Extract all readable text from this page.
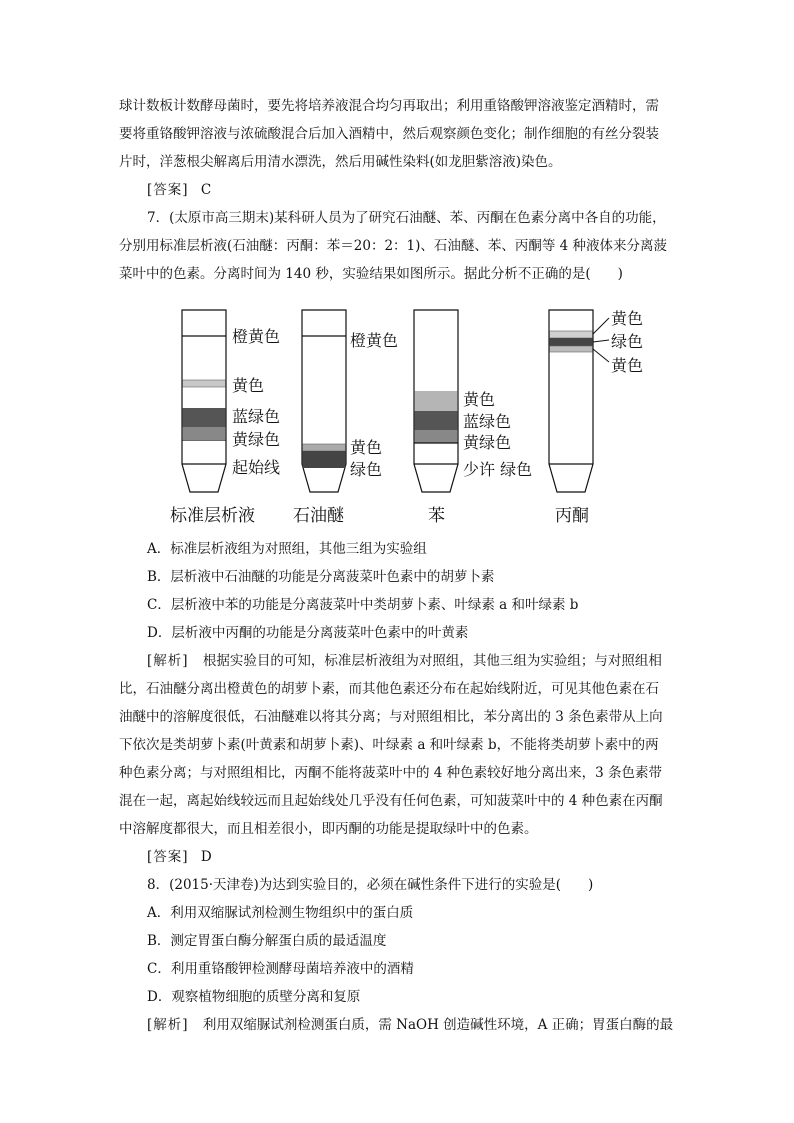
球计数板计数酵母菌时，要先将培养液混合均匀再取出；利用重铬酸钾溶液鉴定酒精时，需
要将重铬酸钾溶液与浓硫酸混合后加入酒精中，然后观察颜色变化；制作细胞的有丝分裂装
片时，洋葱根尖解离后用清水漂洗，然后用碱性染料(如龙胆紫溶液)染色。
[答案] C
7．(太原市高三期末)某科研人员为了研究石油醚、苯、丙酮在色素分离中各自的功能，
分别用标准层析液(石油醚：丙酮：苯＝20：2：1)、石油醚、苯、丙酮等 4 种液体来分离菠
菜叶中的色素。分离时间为 140 秒，实验结果如图所示。据此分析不正确的是(　　)
橙黄色
黄色
蓝绿色
黄绿色
起始线
标准层析液
橙黄色
黄色
绿色
石油醚
黄色
蓝绿色
黄绿色
少许 绿色
苯
黄色
绿色
黄色
丙酮
A．标准层析液组为对照组，其他三组为实验组
B．层析液中石油醚的功能是分离菠菜叶色素中的胡萝卜素
C．层析液中苯的功能是分离菠菜叶中类胡萝卜素、叶绿素 a 和叶绿素 b
D．层析液中丙酮的功能是分离菠菜叶色素中的叶黄素
[解析] 根据实验目的可知，标准层析液组为对照组，其他三组为实验组；与对照组相
比，石油醚分离出橙黄色的胡萝卜素，而其他色素还分布在起始线附近，可见其他色素在石
油醚中的溶解度很低，石油醚难以将其分离；与对照组相比，苯分离出的 3 条色素带从上向
下依次是类胡萝卜素(叶黄素和胡萝卜素)、叶绿素 a 和叶绿素 b，不能将类胡萝卜素中的两
种色素分离；与对照组相比，丙酮不能将菠菜叶中的 4 种色素较好地分离出来，3 条色素带
混在一起，离起始线较远而且起始线处几乎没有任何色素，可知菠菜叶中的 4 种色素在丙酮
中溶解度都很大，而且相差很小，即丙酮的功能是提取绿叶中的色素。
[答案] D
8．(2015·天津卷)为达到实验目的，必须在碱性条件下进行的实验是(　　)
A．利用双缩脲试剂检测生物组织中的蛋白质
B．测定胃蛋白酶分解蛋白质的最适温度
C．利用重铬酸钾检测酵母菌培养液中的酒精
D．观察植物细胞的质壁分离和复原
[解析] 利用双缩脲试剂检测蛋白质，需 NaOH 创造碱性环境，A 正确；胃蛋白酶的最
